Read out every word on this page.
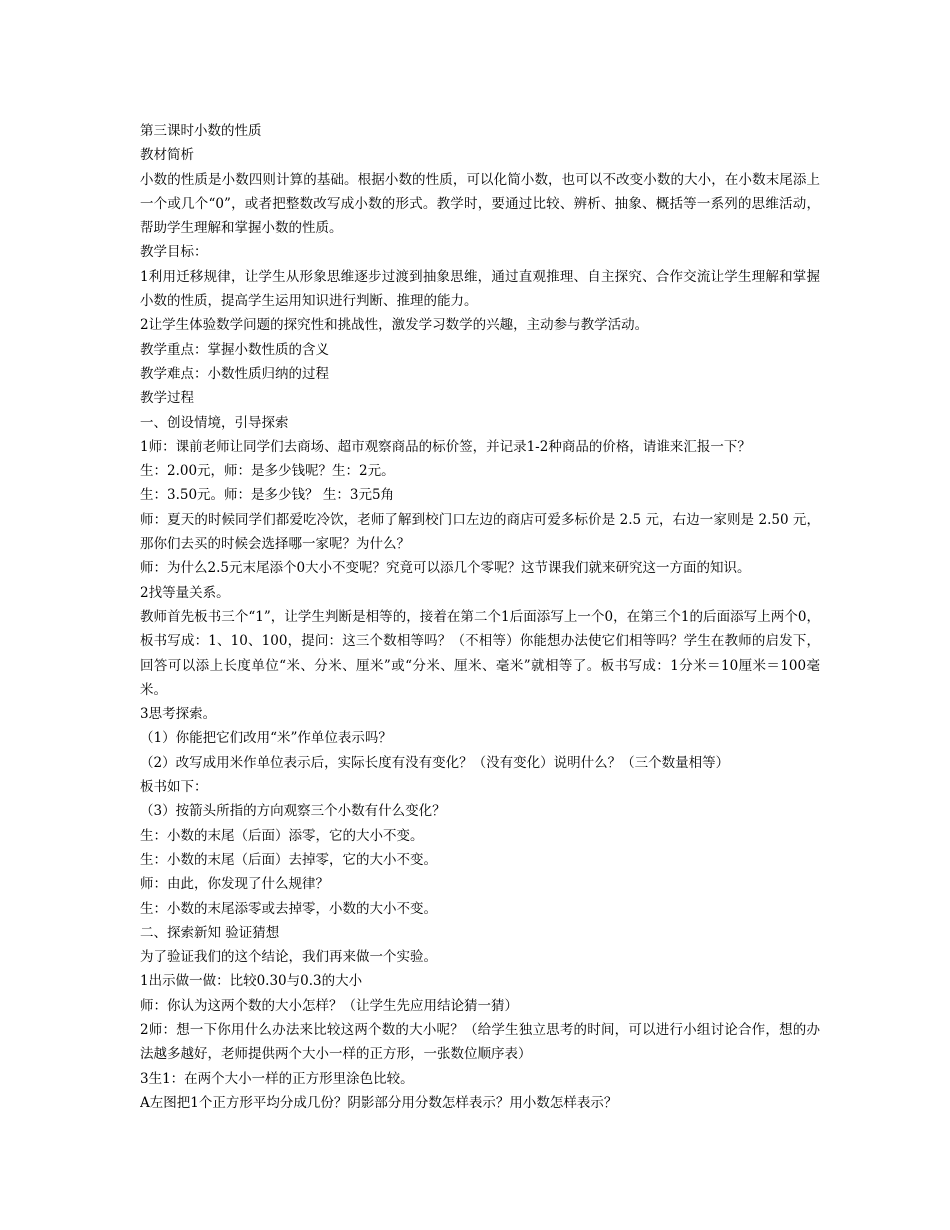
第三课时小数的性质
教材简析
小数的性质是小数四则计算的基础。根据小数的性质，可以化简小数，也可以不改变小数的大小，在小数末尾添上一个或几个“0”，或者把整数改写成小数的形式。教学时，要通过比较、辨析、抽象、概括等一系列的思维活动，帮助学生理解和掌握小数的性质。
教学目标：
1利用迁移规律，让学生从形象思维逐步过渡到抽象思维，通过直观推理、自主探究、合作交流让学生理解和掌握小数的性质，提高学生运用知识进行判断、推理的能力。
2让学生体验数学问题的探究性和挑战性，激发学习数学的兴趣，主动参与教学活动。
教学重点：掌握小数性质的含义
教学难点：小数性质归纳的过程
教学过程
一、创设情境，引导探索
1师：课前老师让同学们去商场、超市观察商品的标价签，并记录1-2种商品的价格，请谁来汇报一下？
生：2.00元，师：是多少钱呢？生：2元。
生：3.50元。师：是多少钱？ 生：3元5角
师：夏天的时候同学们都爱吃冷饮，老师了解到校门口左边的商店可爱多标价是 2.5 元，右边一家则是 2.50 元，那你们去买的时候会选择哪一家呢？为什么？
师：为什么2.5元末尾添个0大小不变呢？究竟可以添几个零呢？这节课我们就来研究这一方面的知识。
2找等量关系。
教师首先板书三个“1”，让学生判断是相等的，接着在第二个1后面添写上一个0，在第三个1的后面添写上两个0，板书写成：1、10、100，提问：这三个数相等吗？（不相等）你能想办法使它们相等吗？学生在教师的启发下，回答可以添上长度单位“米、分米、厘米”或“分米、厘米、毫米”就相等了。板书写成：1分米＝10厘米＝100毫米。
3思考探索。
（1）你能把它们改用“米”作单位表示吗？
（2）改写成用米作单位表示后，实际长度有没有变化？（没有变化）说明什么？（三个数量相等）
板书如下：
（3）按箭头所指的方向观察三个小数有什么变化？
生：小数的末尾（后面）添零，它的大小不变。
生：小数的末尾（后面）去掉零，它的大小不变。
师：由此，你发现了什么规律？
生：小数的末尾添零或去掉零，小数的大小不变。
二、探索新知 验证猜想
为了验证我们的这个结论，我们再来做一个实验。
1出示做一做：比较0.30与0.3的大小
师：你认为这两个数的大小怎样？（让学生先应用结论猜一猜）
2师：想一下你用什么办法来比较这两个数的大小呢？（给学生独立思考的时间，可以进行小组讨论合作，想的办法越多越好，老师提供两个大小一样的正方形，一张数位顺序表）
3生1：在两个大小一样的正方形里涂色比较。
A左图把1个正方形平均分成几份？阴影部分用分数怎样表示？用小数怎样表示？
